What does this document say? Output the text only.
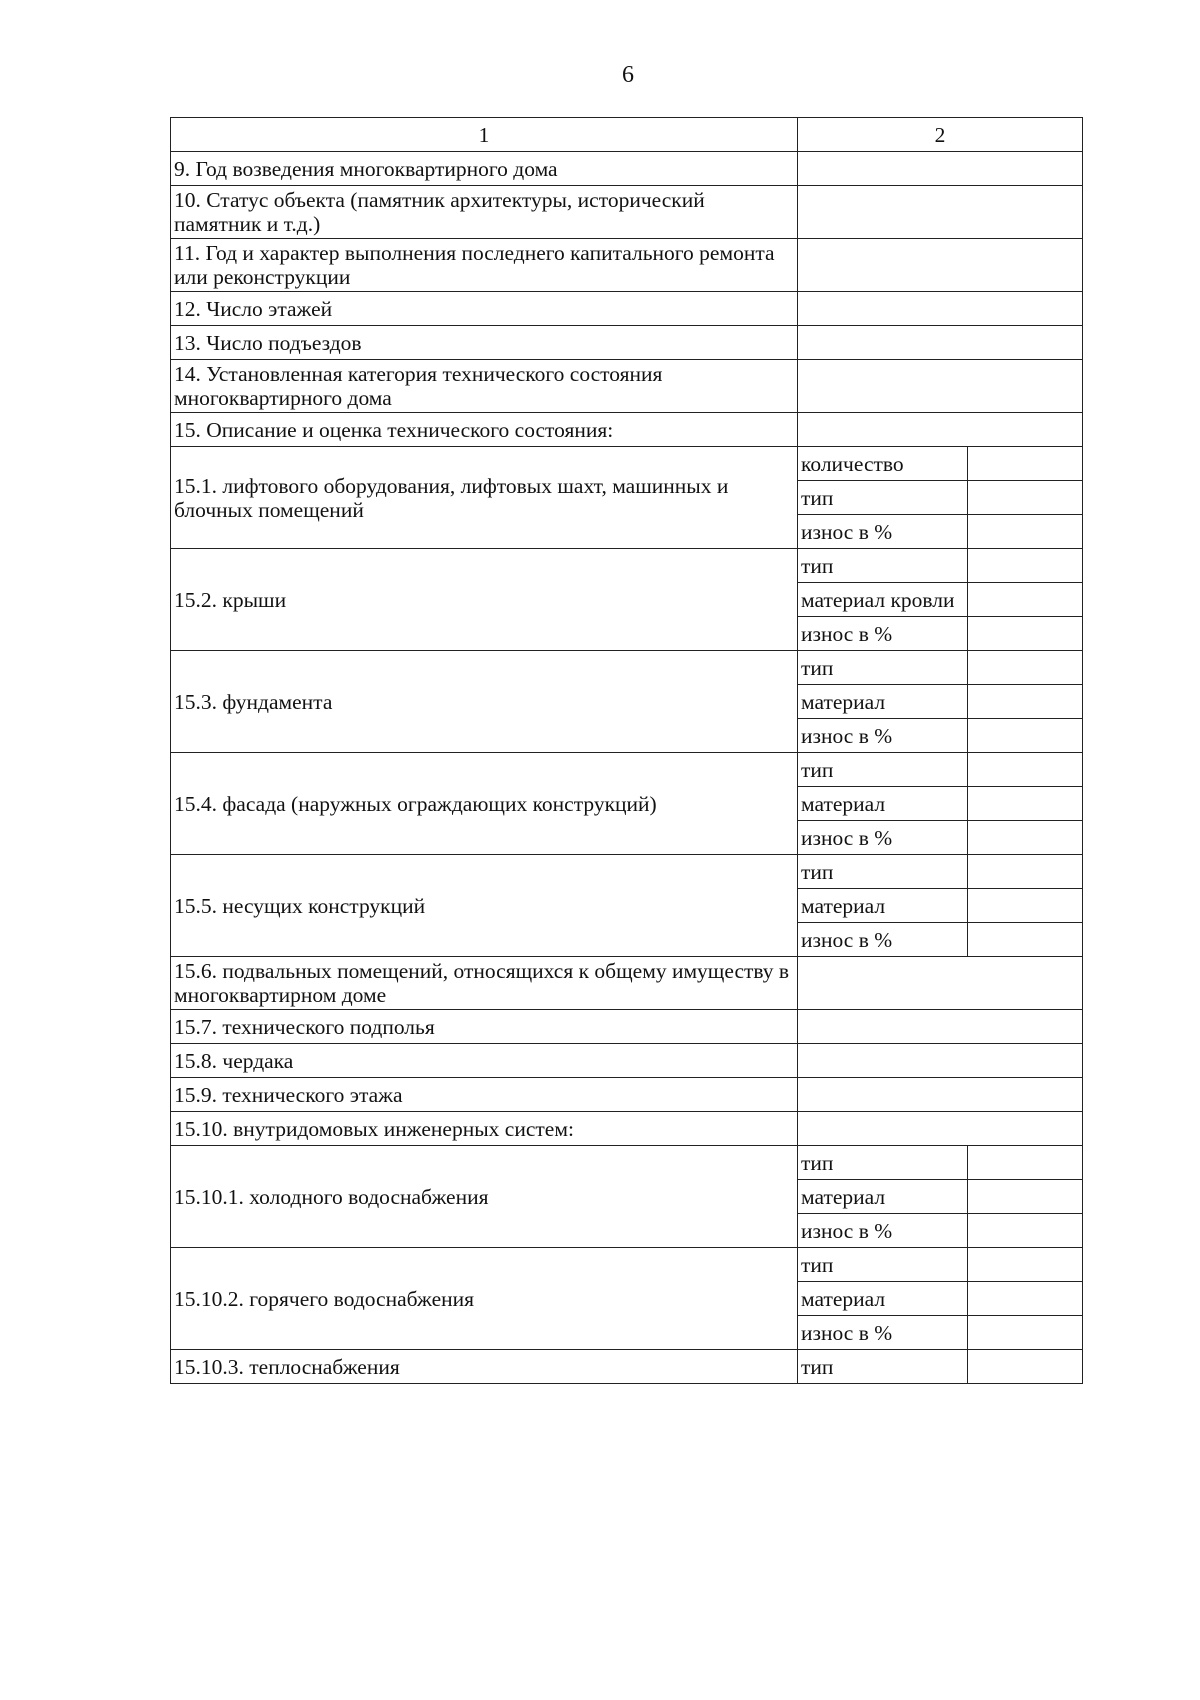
6
1	2	
9. Год возведения многоквартирного дома		
10. Статус объекта (памятник архитектуры, исторический памятник и т.д.)		
11. Год и характер выполнения последнего капитального ремонта или реконструкции		
12. Число этажей		
13. Число подъездов		
14. Установленная категория технического состояния многоквартирного дома		
15. Описание и оценка технического состояния:		
15.1. лифтового оборудования, лифтовых шахт, машинных и блочных помещений	количество	
	тип	
	износ в %	
15.2. крыши	тип	
	материал кровли	
	износ в %	
15.3. фундамента	тип	
	материал	
	износ в %	
15.4. фасада (наружных ограждающих конструкций)	тип	
	материал	
	износ в %	
15.5. несущих конструкций	тип	
	материал	
	износ в %	
15.6. подвальных помещений, относящихся к общему имуществу в многоквартирном доме		
15.7. технического подполья		
15.8. чердака		
15.9. технического этажа		
15.10. внутридомовых инженерных систем:		
15.10.1. холодного водоснабжения	тип	
	материал	
	износ в %	
15.10.2. горячего водоснабжения	тип	
	материал	
	износ в %	
15.10.3. теплоснабжения	тип	
